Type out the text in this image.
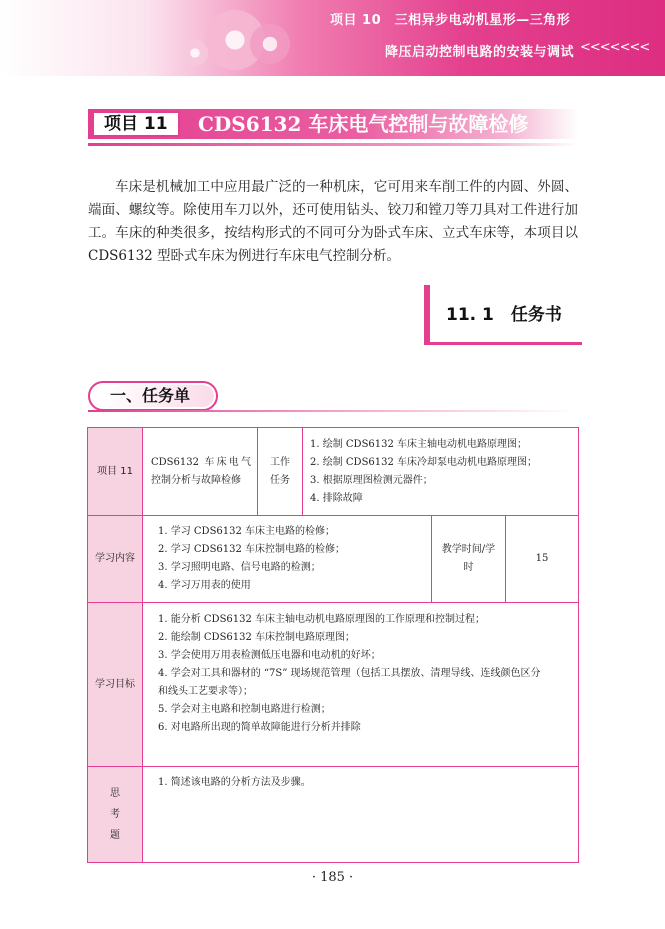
项目 10　三相异步电动机星形—三角形
降压启动控制电路的安装与调试 <<<<<<<
项目 11	CDS6132 车床电气控制与故障检修

车床是机械加工中应用最广泛的一种机床，它可用来车削工件的内圆、外圆、端面、螺纹等。除使用车刀以外，还可使用钻头、铰刀和镗刀等刀具对工件进行加工。车床的种类很多，按结构形式的不同可分为卧式车床、立式车床等，本项目以 CDS6132 型卧式车床为例进行车床电气控制分析。

11. 1　任务书
一、任务单
项目 11
CDS6132 车床电气控制分析与故障检修
工作任务
1. 绘制 CDS6132 车床主轴电动机电路原理图；
2. 绘制 CDS6132 车床冷却泵电动机电路原理图；
3. 根据原理图检测元器件；
4. 排除故障
学习内容
1. 学习 CDS6132 车床主电路的检修；
2. 学习 CDS6132 车床控制电路的检修；
3. 学习照明电路、信号电路的检测；
4. 学习万用表的使用
教学时间/学时
15
学习目标
1. 能分析 CDS6132 车床主轴电动机电路原理图的工作原理和控制过程；
2. 能绘制 CDS6132 车床控制电路原理图；
3. 学会使用万用表检测低压电器和电动机的好坏；
4. 学会对工具和器材的 “7S” 现场规范管理（包括工具摆放、清理导线、连线颜色区分
和线头工艺要求等）；
5. 学会对主电路和控制电路进行检测；
6. 对电路所出现的简单故障能进行分析并排除
思
考
题
1. 简述该电路的分析方法及步骤。
· 185 ·
